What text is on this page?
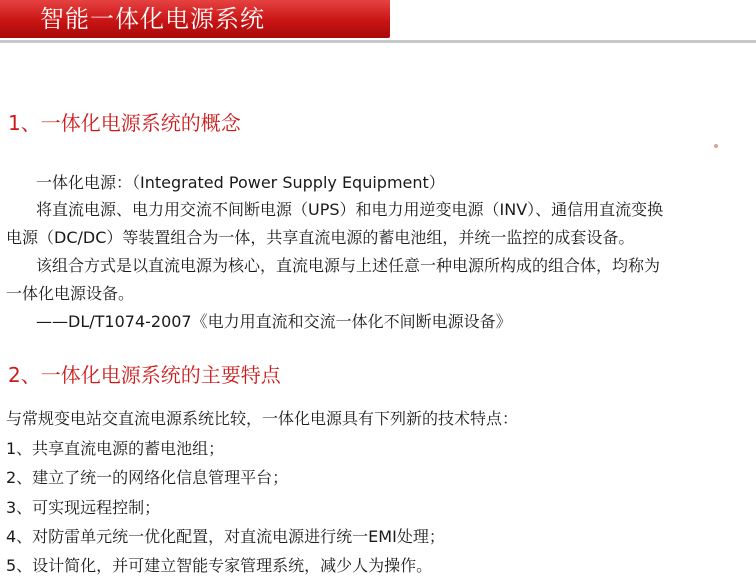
智能一体化电源系统
1、一体化电源系统的概念
一体化电源：（Integrated Power Supply Equipment）
将直流电源、电力用交流不间断电源（UPS）和电力用逆变电源（INV）、通信用直流变换
电源（DC/DC）等装置组合为一体，共享直流电源的蓄电池组，并统一监控的成套设备。
该组合方式是以直流电源为核心，直流电源与上述任意一种电源所构成的组合体，均称为
一体化电源设备。
——DL/T1074-2007《电力用直流和交流一体化不间断电源设备》
2、一体化电源系统的主要特点
与常规变电站交直流电源系统比较，一体化电源具有下列新的技术特点：
1、共享直流电源的蓄电池组；
2、建立了统一的网络化信息管理平台；
3、可实现远程控制；
4、对防雷单元统一优化配置，对直流电源进行统一EMI处理；
5、设计简化，并可建立智能专家管理系统，减少人为操作。
